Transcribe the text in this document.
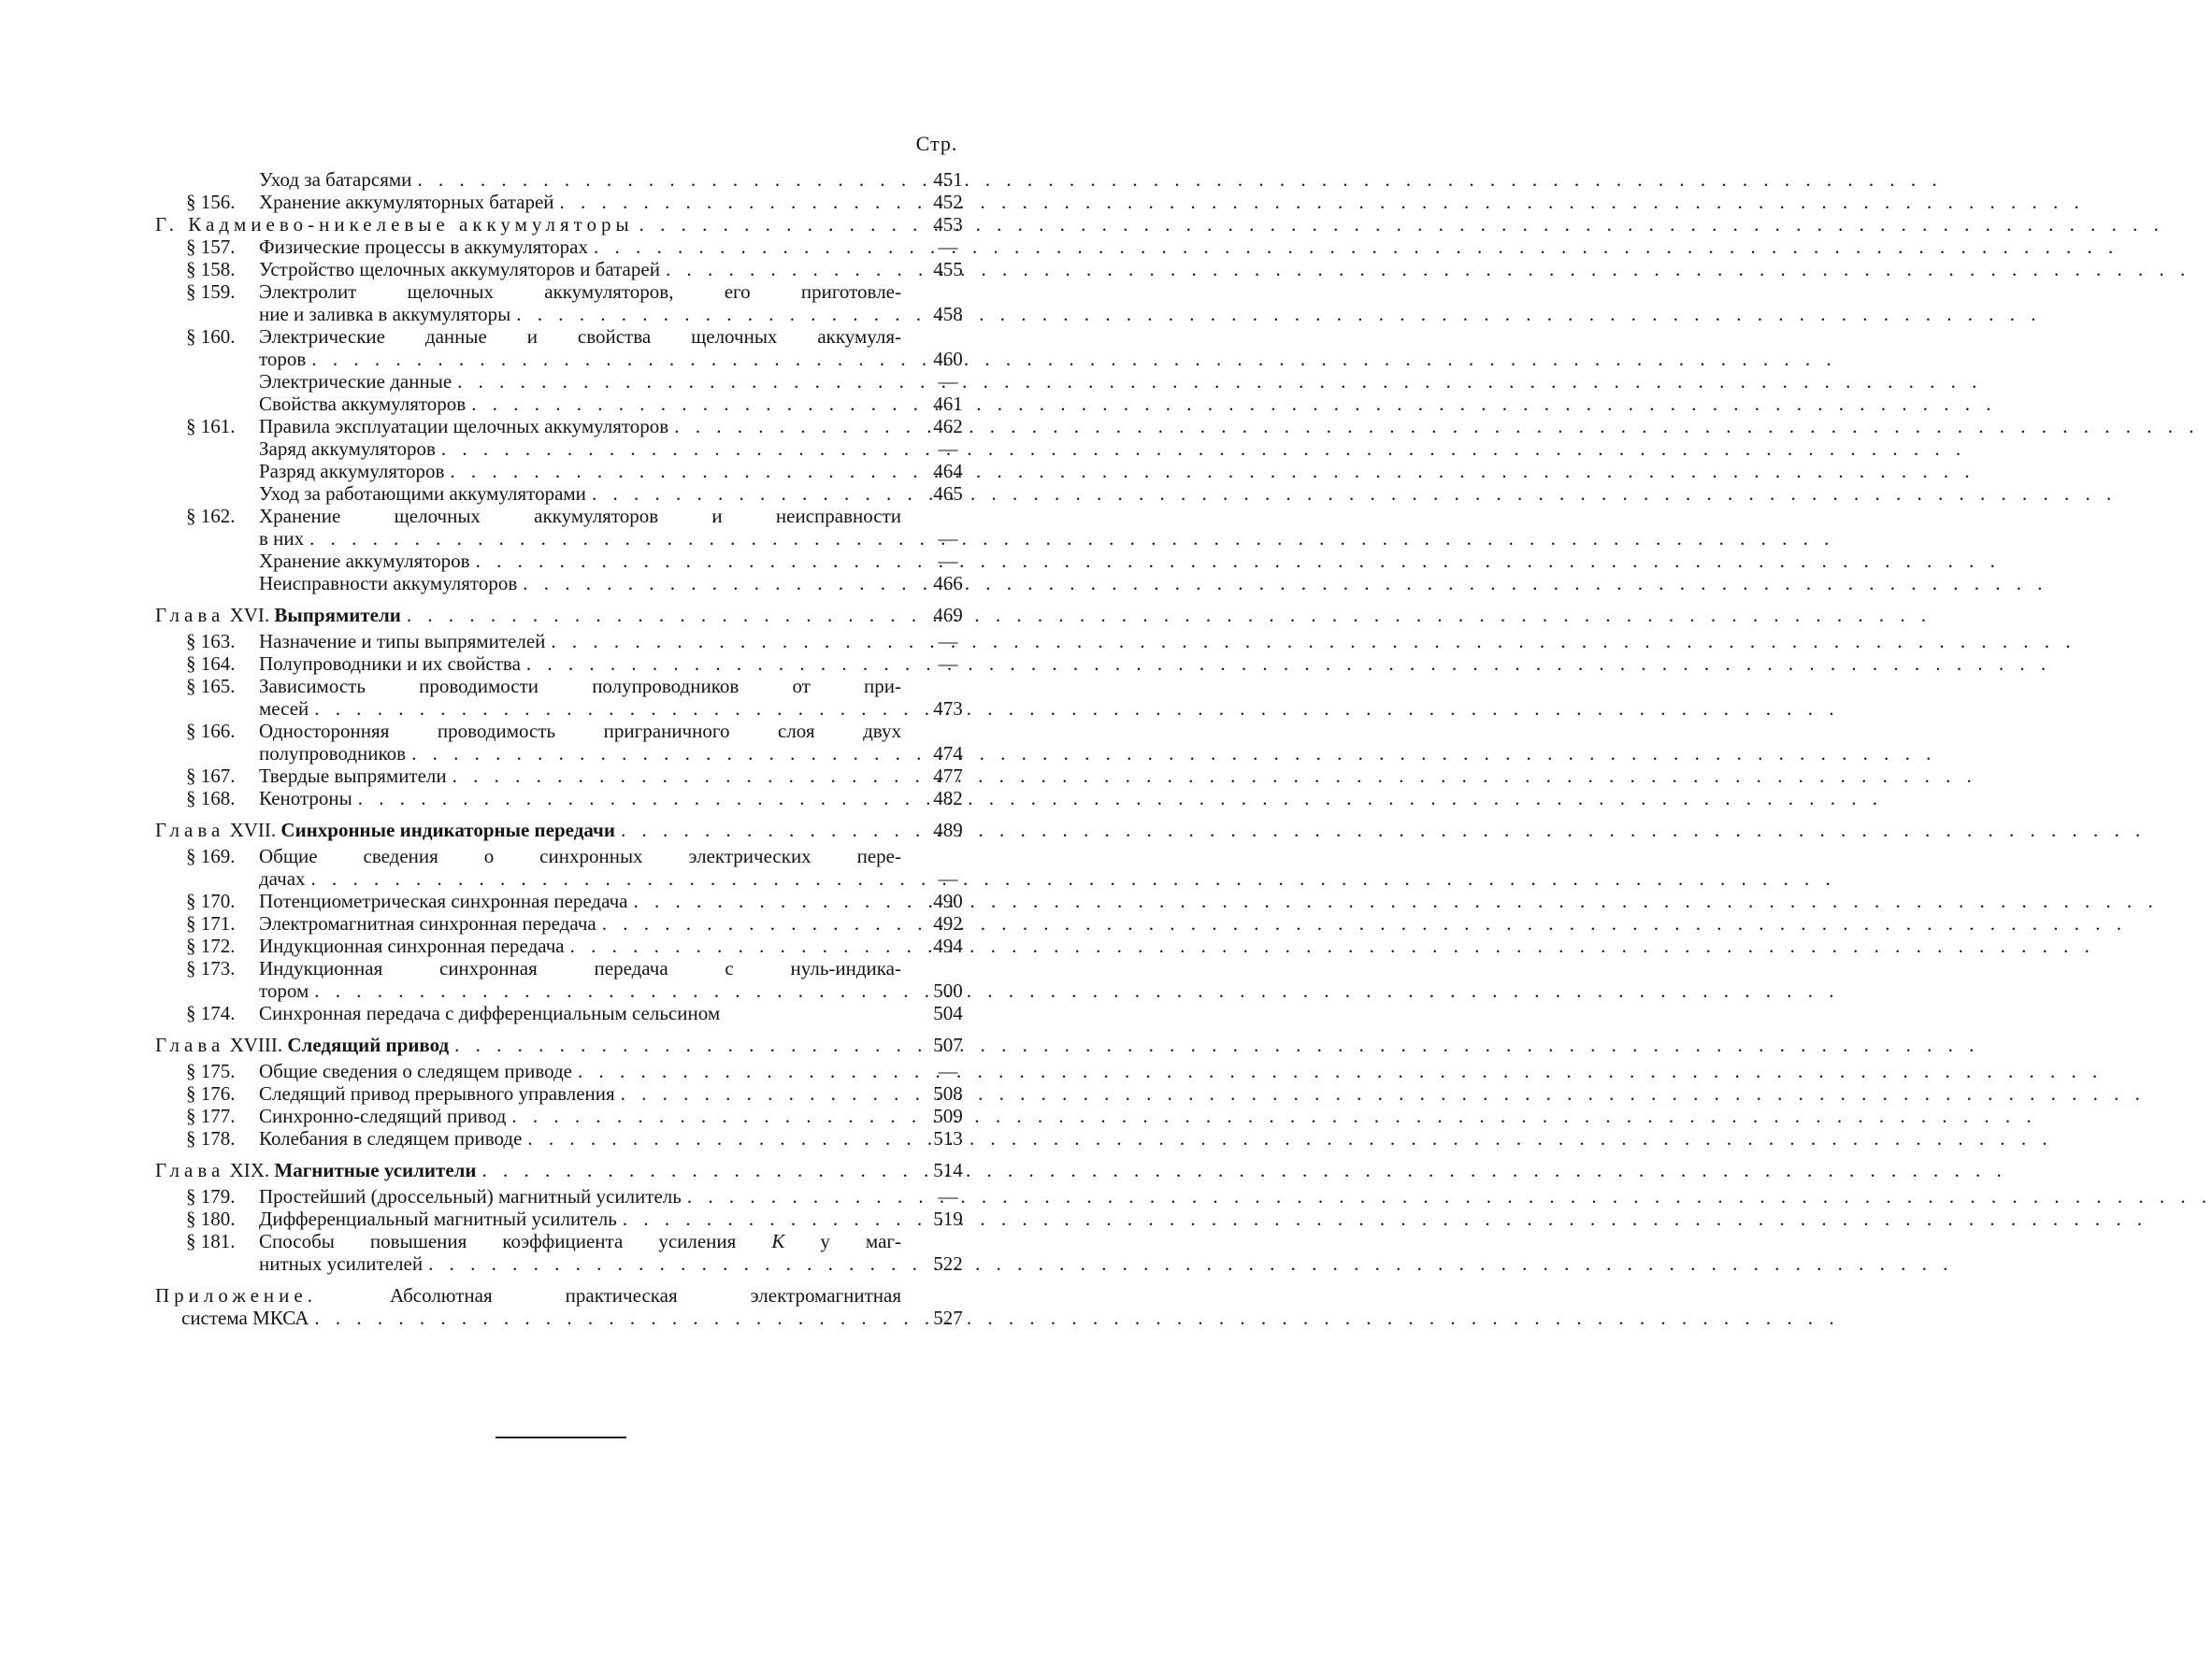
Стр.
Уход за батарсями . . .	451
§ 156.	Хранение аккумуляторных батарей . . .	452
Г. Кадмиево-никелевые аккумуляторы . . .	453
§ 157.	Физические процессы в аккумуляторах . . .	—
§ 158.	Устройство щелочных аккумуляторов и батарей . . .	455
§ 159.	Электролит щелочных аккумуляторов, его приготовле-
ние и заливка в аккумуляторы . . .	458
§ 160.	Электрические данные и свойства щелочных аккумуля-
торов . . .	460
Электрические данные . . .	—
Свойства аккумуляторов . . .	461
§ 161.	Правила эксплуатации щелочных аккумуляторов . . .	462
Заряд аккумуляторов . . .	—
Разряд аккумуляторов . . .	464
Уход за работающими аккумуляторами . . .	465
§ 162.	Хранение щелочных аккумуляторов и неисправности
в них . . .	—
Хранение аккумуляторов . . .	—
Неисправности аккумуляторов . . .	466
Глава XVI. Выпрямители . . .	469
§ 163.	Назначение и типы выпрямителей . . .	—
§ 164.	Полупроводники и их свойства . . .	—
§ 165.	Зависимость проводимости полупроводников от при-
месей . . .	473
§ 166.	Односторонняя проводимость приграничного слоя двух
полупроводников . . .	474
§ 167.	Твердые выпрямители . . .	477
§ 168.	Кенотроны . . .	482
Глава XVII. Синхронные индикаторные передачи . . .	489
§ 169.	Общие сведения о синхронных электрических пере-
дачах . . .	—
§ 170.	Потенциометрическая синхронная передача . . .	490
§ 171.	Электромагнитная синхронная передача . . .	492
§ 172.	Индукционная синхронная передача . . .	494
§ 173.	Индукционная синхронная передача с нуль-индика-
тором . . .	500
§ 174.	Синхронная передача с дифференциальным сельсином	504
Глава XVIII. Следящий привод . . .	507
§ 175.	Общие сведения о следящем приводе . . .	—
§ 176.	Следящий привод прерывного управления . . .	508
§ 177.	Синхронно-следящий привод . . .	509
§ 178.	Колебания в следящем приводе . . .	513
Глава XIX. Магнитные усилители . . .	514
§ 179.	Простейший (дроссельный) магнитный усилитель . . .	—
§ 180.	Дифференциальный магнитный усилитель . . .	519
§ 181.	Способы повышения коэффициента усиления К у маг-
нитных усилителей . . .	522
Приложение.	Абсолютная практическая электромагнитная
система МКСА . . .	527
